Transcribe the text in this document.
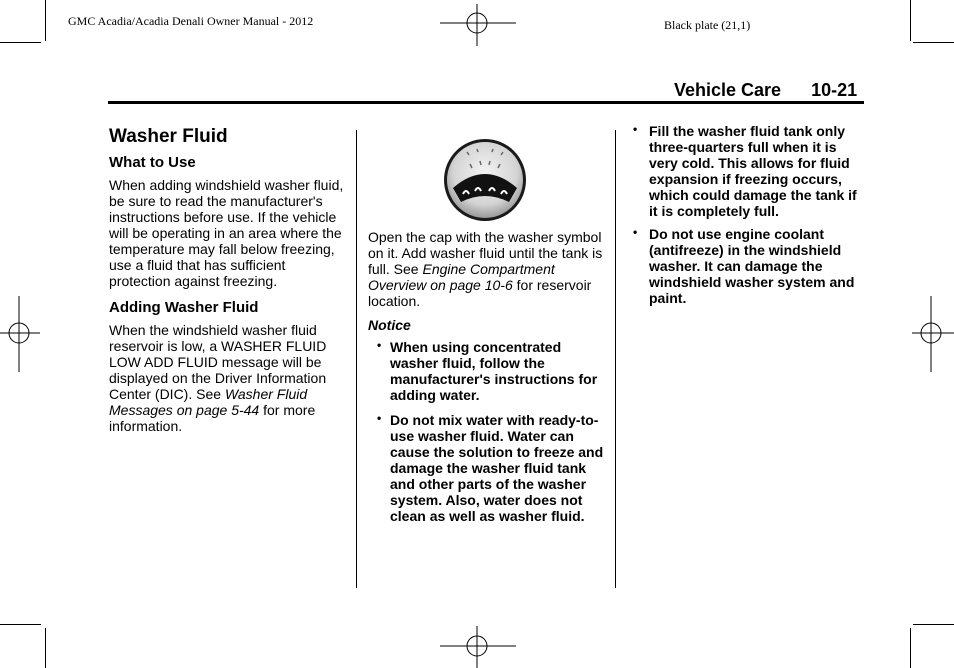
GMC Acadia/Acadia Denali Owner Manual - 2012	Black plate (21,1)
Vehicle Care 10-21
Washer Fluid
What to Use

When adding windshield washer fluid, be sure to read the manufacturer's instructions before use. If the vehicle will be operating in an area where the temperature may fall below freezing, use a fluid that has sufficient protection against freezing.

Adding Washer Fluid

When the windshield washer fluid reservoir is low, a WASHER FLUID LOW ADD FLUID message will be displayed on the Driver Information Center (DIC). See Washer Fluid Messages on page 5-44 for more information.

Open the cap with the washer symbol on it. Add washer fluid until the tank is full. See Engine Compartment Overview on page 10-6 for reservoir location.

Notice
• When using concentrated washer fluid, follow the manufacturer's instructions for adding water.
• Do not mix water with ready-to-use washer fluid. Water can cause the solution to freeze and damage the washer fluid tank and other parts of the washer system. Also, water does not clean as well as washer fluid.
• Fill the washer fluid tank only three-quarters full when it is very cold. This allows for fluid expansion if freezing occurs, which could damage the tank if it is completely full.
• Do not use engine coolant (antifreeze) in the windshield washer. It can damage the windshield washer system and paint.
